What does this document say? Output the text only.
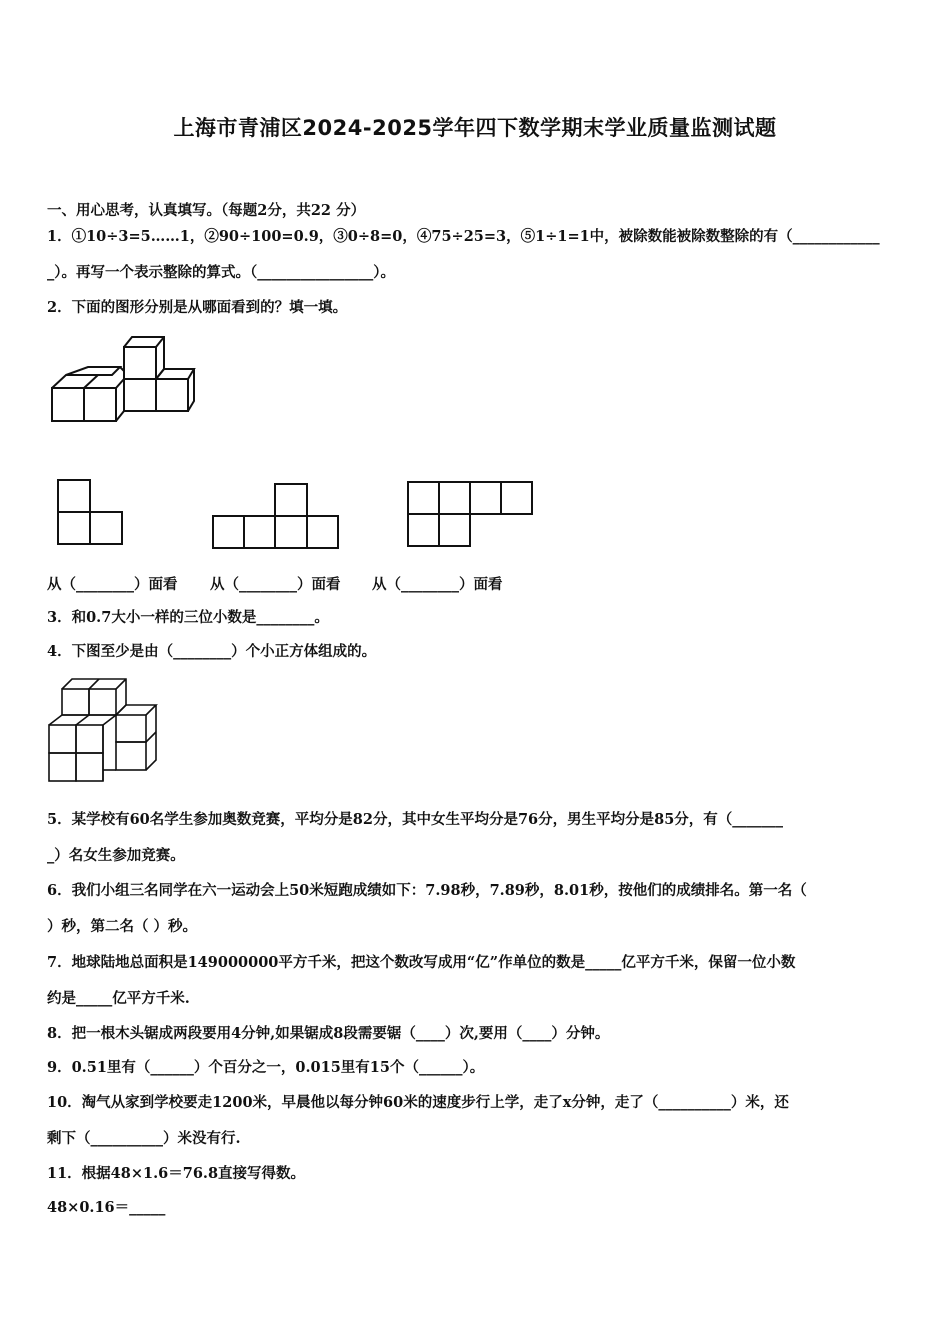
上海市青浦区2024-2025学年四下数学期末学业质量监测试题
一、用心思考，认真填写。（每题2分，共22 分）
1．①10÷3=5……1，②90÷100=0.9，③0÷8=0，④75÷25=3，⑤1÷1=1中，被除数能被除数整除的有（____________
_）。再写一个表示整除的算式。（________________）。
2．下面的图形分别是从哪面看到的？填一填。
从（________）面看 从（________）面看 从（________）面看
3．和0.7大小一样的三位小数是________。
4．下图至少是由（________）个小正方体组成的。
5．某学校有60名学生参加奥数竞赛，平均分是82分，其中女生平均分是76分，男生平均分是85分，有（_______
_）名女生参加竞赛。
6．我们小组三名同学在六一运动会上50米短跑成绩如下：7.98秒，7.89秒，8.01秒，按他们的成绩排名。第一名（
）秒，第二名（ ）秒。
7．地球陆地总面积是149000000平方千米，把这个数改写成用“亿”作单位的数是_____亿平方千米，保留一位小数
约是_____亿平方千米.
8．把一根木头锯成两段要用4分钟,如果锯成8段需要锯（____）次,要用（____）分钟。
9．0.51里有（______）个百分之一，0.015里有15个（______）。
10．淘气从家到学校要走1200米，早晨他以每分钟60米的速度步行上学，走了x分钟，走了（__________）米，还
剩下（__________）米没有行.
11．根据48×1.6＝76.8直接写得数。
48×0.16＝_____
